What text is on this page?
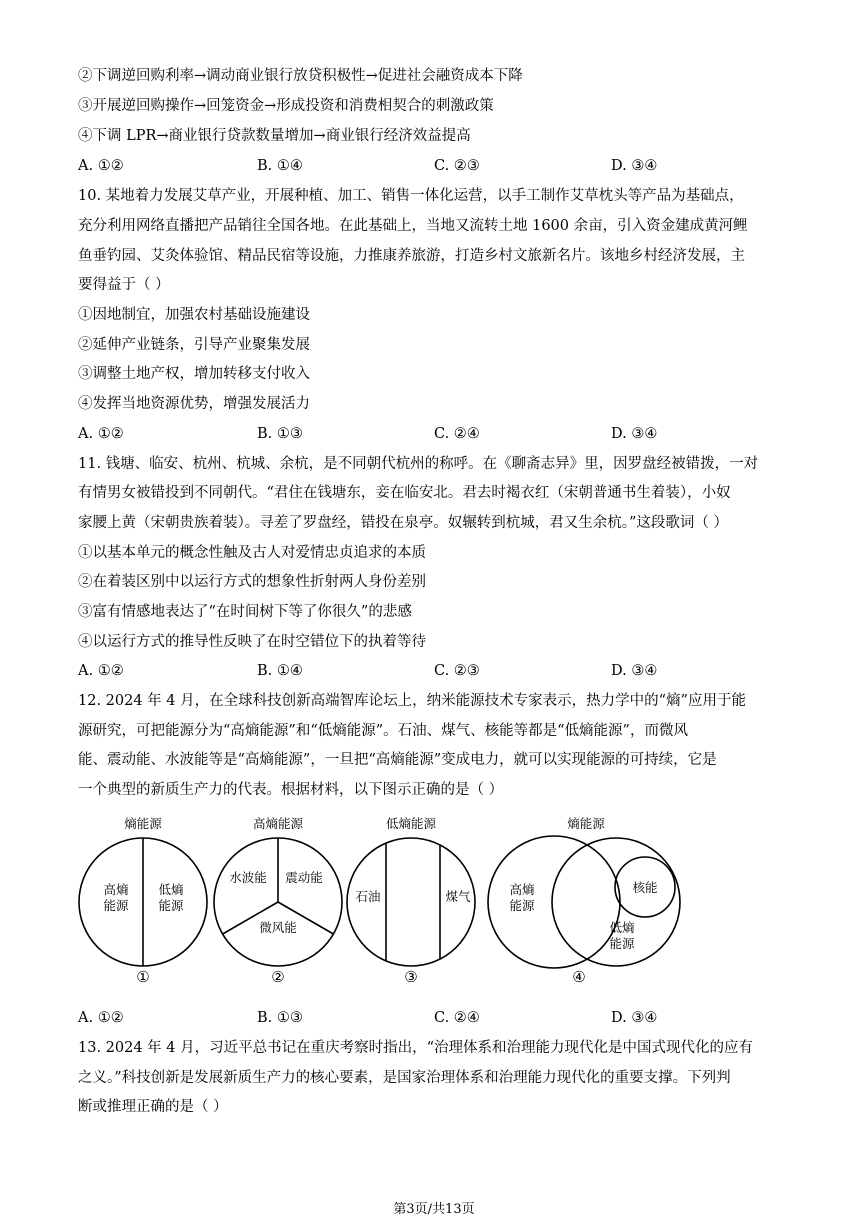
②下调逆回购利率→调动商业银行放贷积极性→促进社会融资成本下降
③开展逆回购操作→回笼资金→形成投资和消费相契合的刺激政策
④下调 LPR→商业银行贷款数量增加→商业银行经济效益提高
A. ①②	B. ①④	C. ②③	D. ③④
10. 某地着力发展艾草产业，开展种植、加工、销售一体化运营，以手工制作艾草枕头等产品为基础点，
充分利用网络直播把产品销往全国各地。在此基础上，当地又流转土地 1600 余亩，引入资金建成黄河鲤
鱼垂钓园、艾灸体验馆、精品民宿等设施，力推康养旅游，打造乡村文旅新名片。该地乡村经济发展，主
要得益于（ ）
①因地制宜，加强农村基础设施建设
②延伸产业链条，引导产业聚集发展
③调整土地产权，增加转移支付收入
④发挥当地资源优势，增强发展活力
A. ①②	B. ①③	C. ②④	D. ③④
11. 钱塘、临安、杭州、杭城、余杭，是不同朝代杭州的称呼。在《聊斋志异》里，因罗盘经被错拨，一对
有情男女被错投到不同朝代。“君住在钱塘东，妾在临安北。君去时褐衣红（宋朝普通书生着装），小奴
家腰上黄（宋朝贵族着装）。寻差了罗盘经，错投在泉亭。奴辗转到杭城，君又生余杭。”这段歌词（ ）
①以基本单元的概念性触及古人对爱情忠贞追求的本质
②在着装区别中以运行方式的想象性折射两人身份差别
③富有情感地表达了“在时间树下等了你很久”的悲感
④以运行方式的推导性反映了在时空错位下的执着等待
A. ①②	B. ①④	C. ②③	D. ③④
12. 2024 年 4 月，在全球科技创新高端智库论坛上，纳米能源技术专家表示，热力学中的“熵”应用于能
源研究，可把能源分为“高熵能源”和“低熵能源”。石油、煤气、核能等都是“低熵能源”，而微风
能、震动能、水波能等是“高熵能源”，一旦把“高熵能源”变成电力，就可以实现能源的可持续，它是
一个典型的新质生产力的代表。根据材料，以下图示正确的是（ ）
熵能源
高熵能源
低熵能源
①
高熵能源
水波能 震动能
微风能
②
低熵能源
石油	煤气
③
熵能源
高熵能源
核能
低熵能源
④
A. ①②	B. ①③	C. ②④	D. ③④
13. 2024 年 4 月，习近平总书记在重庆考察时指出，“治理体系和治理能力现代化是中国式现代化的应有
之义。”科技创新是发展新质生产力的核心要素，是国家治理体系和治理能力现代化的重要支撑。下列判
断或推理正确的是（ ）
第3页/共13页
